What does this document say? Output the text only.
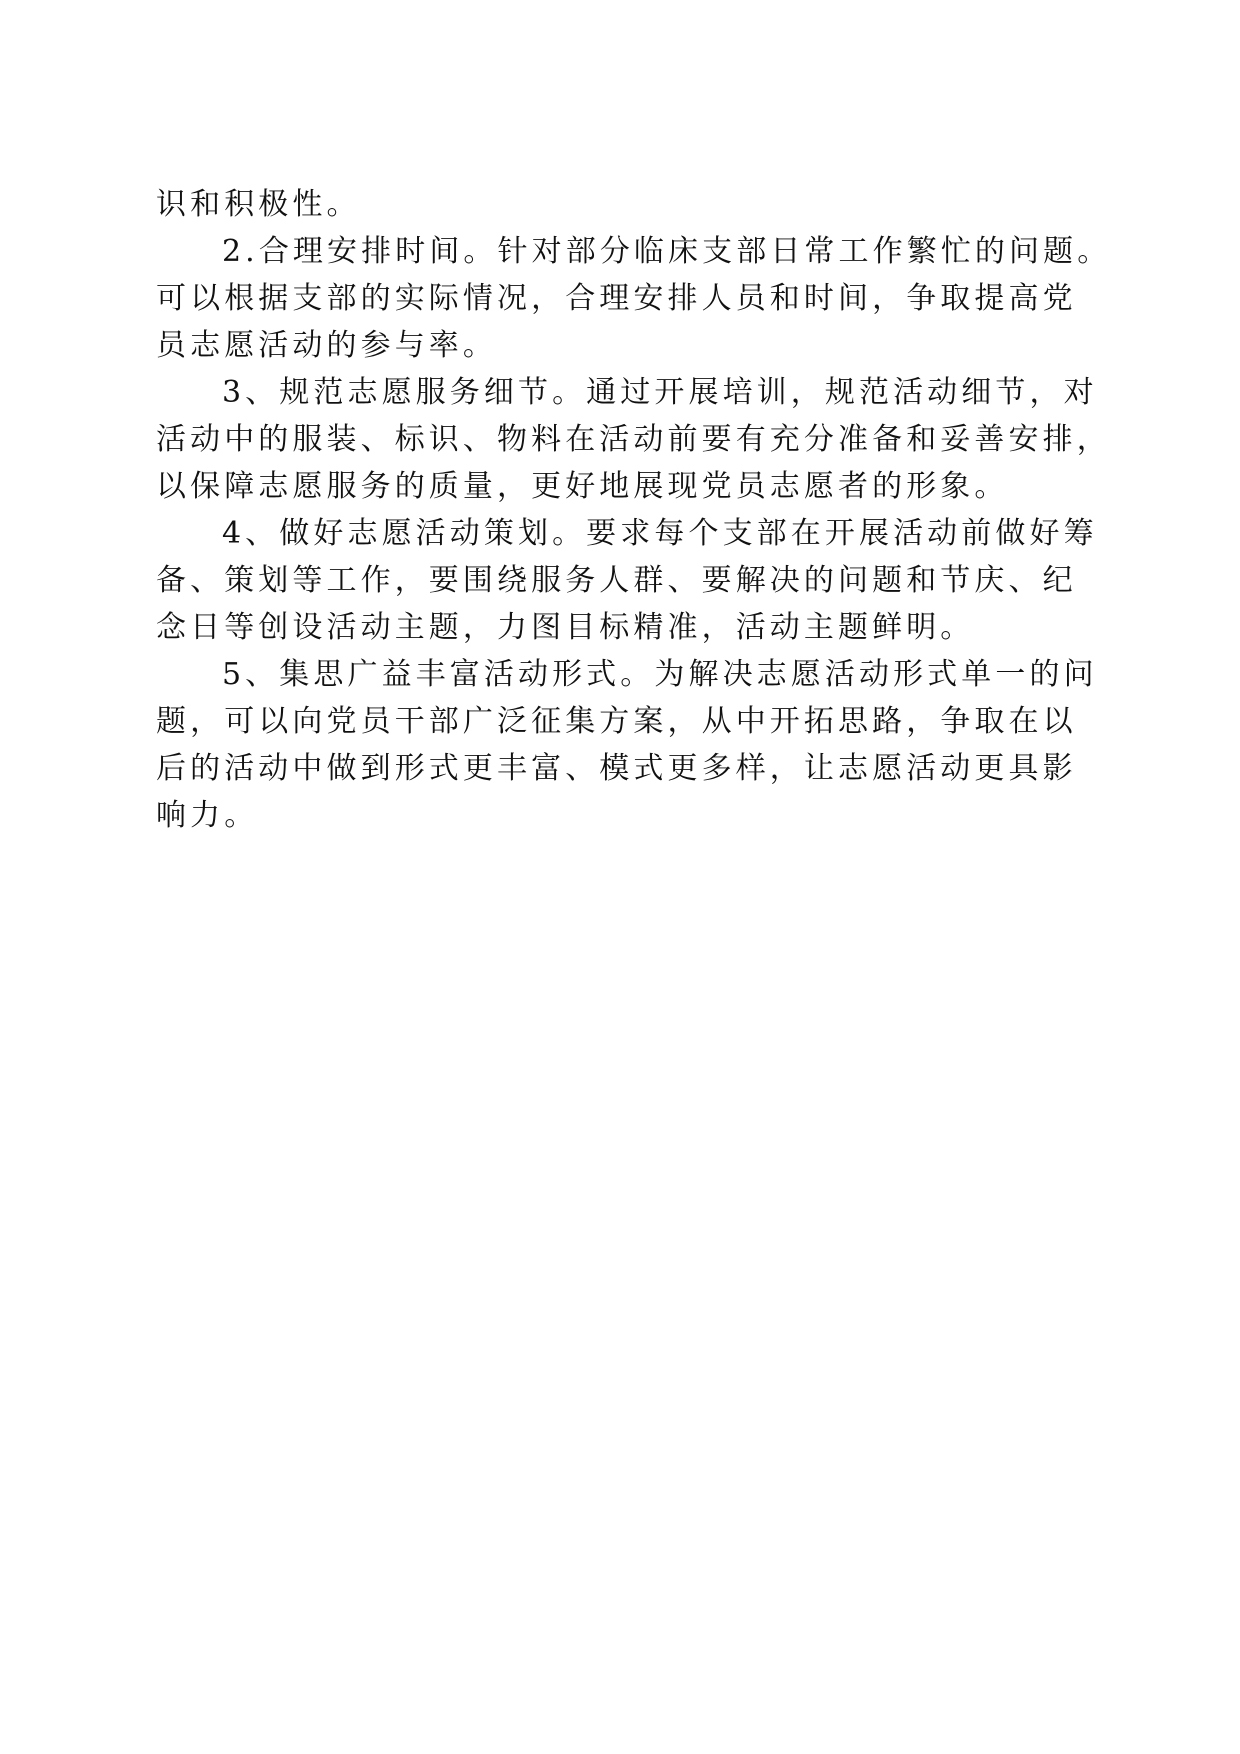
识和积极性。
2.合理安排时间。针对部分临床支部日常工作繁忙的问题。
可以根据支部的实际情况，合理安排人员和时间，争取提高党
员志愿活动的参与率。
3、规范志愿服务细节。通过开展培训，规范活动细节，对
活动中的服装、标识、物料在活动前要有充分准备和妥善安排，
以保障志愿服务的质量，更好地展现党员志愿者的形象。
4、做好志愿活动策划。要求每个支部在开展活动前做好筹
备、策划等工作，要围绕服务人群、要解决的问题和节庆、纪
念日等创设活动主题，力图目标精准，活动主题鲜明。
5、集思广益丰富活动形式。为解决志愿活动形式单一的问
题，可以向党员干部广泛征集方案，从中开拓思路，争取在以
后的活动中做到形式更丰富、模式更多样，让志愿活动更具影
响力。
